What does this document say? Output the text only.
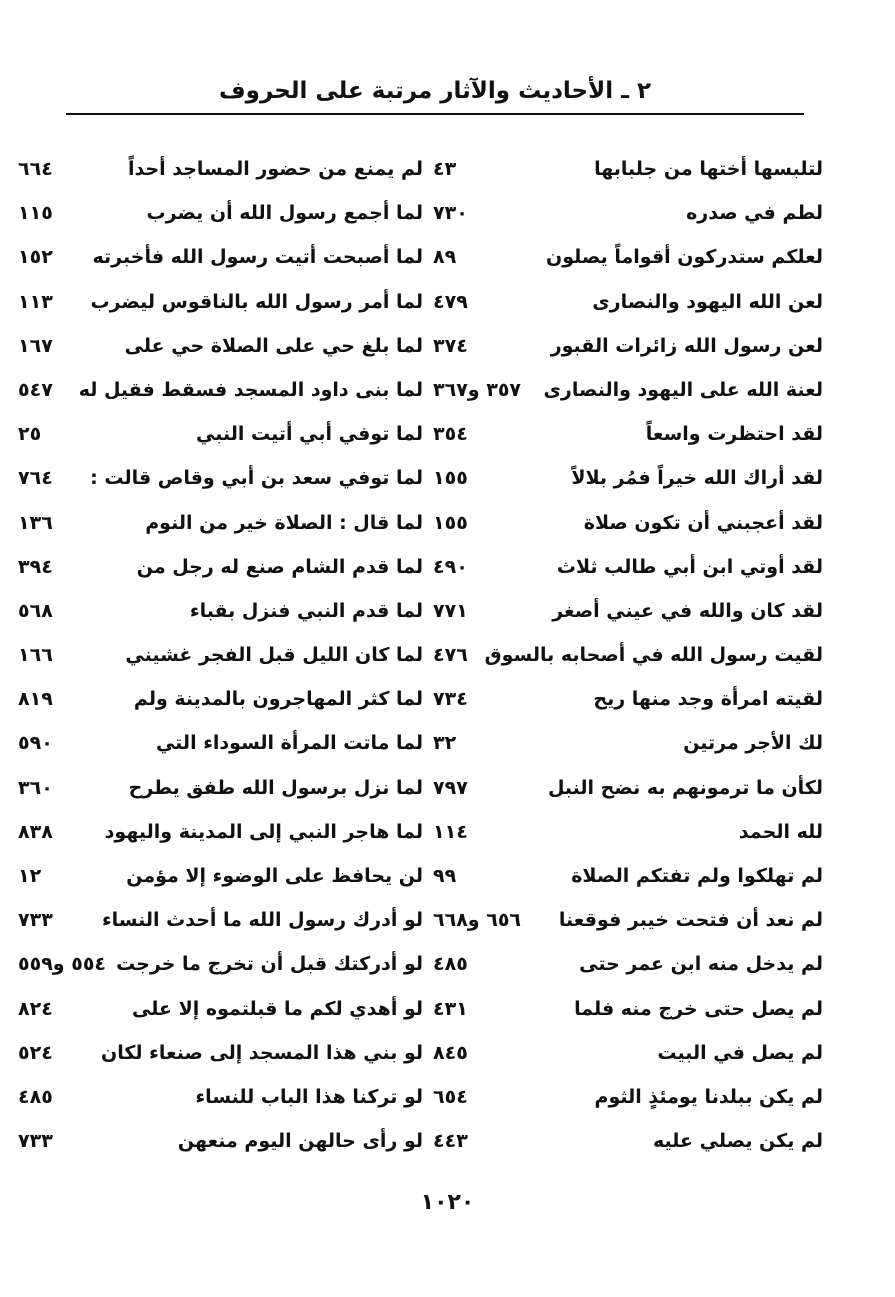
٢ ـ الأحاديث والآثار مرتبة على الحروف
لتلبسها أختها من جلبابها
٤٣
لطم في صدره
٧٣٠
لعلكم ستدركون أقواماً يصلون
٨٩
لعن الله اليهود والنصارى
٤٧٩
لعن رسول الله زائرات القبور
٣٧٤
لعنة الله على اليهود والنصارى
٣٥٧ و٣٦٧
لقد احتظرت واسعاً
٣٥٤
لقد أراك الله خيراً فمُر بلالاً
١٥٥
لقد أعجبني أن تكون صلاة
١٥٥
لقد أوتي ابن أبي طالب ثلاث
٤٩٠
لقد كان والله في عيني أصغر
٧٧١
لقيت رسول الله في أصحابه بالسوق
٤٧٦
لقيته امرأة وجد منها ريح
٧٣٤
لك الأجر مرتين
٣٢
لكأن ما ترمونهم به نضح النبل
٧٩٧
لله الحمد
١١٤
لم تهلكوا ولم تفتكم الصلاة
٩٩
لم نعد أن فتحت خيبر فوقعنا
٦٥٦ و٦٦٨
لم يدخل منه ابن عمر حتى
٤٨٥
لم يصل حتى خرج منه فلما
٤٣١
لم يصل في البيت
٨٤٥
لم يكن ببلدنا يومئذٍ الثوم
٦٥٤
لم يكن يصلي عليه
٤٤٣
لم يمنع من حضور المساجد أحداً
٦٦٤
لما أجمع رسول الله أن يضرب
١١٥
لما أصبحت أتيت رسول الله فأخبرته
١٥٢
لما أمر رسول الله بالناقوس ليضرب
١١٣
لما بلغ حي على الصلاة حي على
١٦٧
لما بنى داود المسجد فسقط فقيل له
٥٤٧
لما توفي أبي أتيت النبي
٢٥
لما توفي سعد بن أبي وقاص قالت :
٧٦٤
لما قال : الصلاة خير من النوم
١٣٦
لما قدم الشام صنع له رجل من
٣٩٤
لما قدم النبي فنزل بقباء
٥٦٨
لما كان الليل قبل الفجر غشيني
١٦٦
لما كثر المهاجرون بالمدينة ولم
٨١٩
لما ماتت المرأة السوداء التي
٥٩٠
لما نزل برسول الله طفق يطرح
٣٦٠
لما هاجر النبي إلى المدينة واليهود
٨٣٨
لن يحافظ على الوضوء إلا مؤمن
١٢
لو أدرك رسول الله ما أحدث النساء
٧٣٣
لو أدركتك قبل أن تخرج ما خرجت
٥٥٤ و٥٥٩
لو أهدي لكم ما قبلتموه إلا على
٨٢٤
لو بني هذا المسجد إلى صنعاء لكان
٥٢٤
لو تركنا هذا الباب للنساء
٤٨٥
لو رأى حالهن اليوم منعهن
٧٣٣
١٠٢٠
